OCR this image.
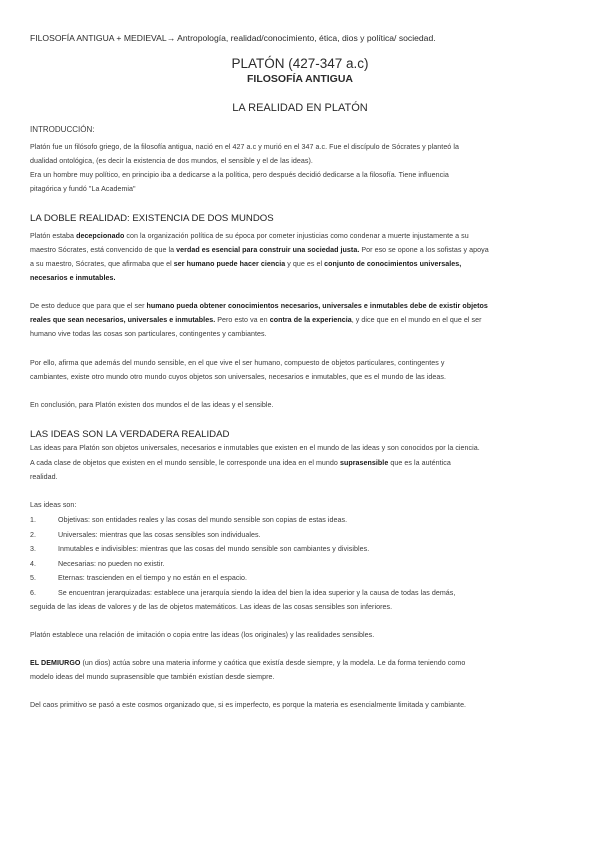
FILOSOFÍA ANTIGUA + MEDIEVAL→ Antropología, realidad/conocimiento, ética, dios y política/ sociedad.
PLATÓN (427-347 a.c)
FILOSOFÍA ANTIGUA
LA REALIDAD EN PLATÓN
INTRODUCCIÓN:
Platón fue un filósofo griego, de la filosofía antigua, nació en el 427 a.c y murió en el 347 a.c. Fue el discípulo de Sócrates y planteó la
dualidad ontológica, (es decir la existencia de dos mundos, el sensible y el de las ideas).
Era un hombre muy político, en principio iba a dedicarse a la política, pero después decidió dedicarse a la filosofía. Tiene influencia
pitagórica y fundó "La Academia"
LA DOBLE REALIDAD: EXISTENCIA DE DOS MUNDOS
Platón estaba decepcionado con la organización política de su época por cometer injusticias como condenar a muerte injustamente a su
maestro Sócrates, está convencido de que la verdad es esencial para construir una sociedad justa. Por eso se opone a los sofistas y apoya
a su maestro, Sócrates, que afirmaba que el ser humano puede hacer ciencia y que es el conjunto de conocimientos universales,
necesarios e inmutables.
De esto deduce que para que el ser humano pueda obtener conocimientos necesarios, universales e inmutables debe de existir objetos
reales que sean necesarios, universales e inmutables. Pero esto va en contra de la experiencia, y dice que en el mundo en el que el ser
humano vive todas las cosas son particulares, contingentes y cambiantes.
Por ello, afirma que además del mundo sensible, en el que vive el ser humano, compuesto de objetos particulares, contingentes y
cambiantes, existe otro mundo otro mundo cuyos objetos son universales, necesarios e inmutables, que es el mundo de las ideas.
En conclusión, para Platón existen dos mundos el de las ideas y el sensible.
LAS IDEAS SON LA VERDADERA REALIDAD
Las ideas para Platón son objetos universales, necesarios e inmutables que existen en el mundo de las ideas y son conocidos por la ciencia.
A cada clase de objetos que existen en el mundo sensible, le corresponde una idea en el mundo suprasensible que es la auténtica
realidad.
Las ideas son:
1.	Objetivas: son entidades reales y las cosas del mundo sensible son copias de estas ideas.
2.	Universales: mientras que las cosas sensibles son individuales.
3.	Inmutables e indivisibles: mientras que las cosas del mundo sensible son cambiantes y divisibles.
4.	Necesarias: no pueden no existir.
5.	Eternas: trascienden en el tiempo y no están en el espacio.
6.	Se encuentran jerarquizadas: establece una jerarquía siendo la idea del bien la idea superior y la causa de todas las demás,
seguida de las ideas de valores y de las de objetos matemáticos. Las ideas de las cosas sensibles son inferiores.
Platón establece una relación de imitación o copia entre las ideas (los originales) y las realidades sensibles.
EL DEMIURGO (un dios) actúa sobre una materia informe y caótica que existía desde siempre, y la modela. Le da forma teniendo como
modelo ideas del mundo suprasensible que también existían desde siempre.
Del caos primitivo se pasó a este cosmos organizado que, si es imperfecto, es porque la materia es esencialmente limitada y cambiante.
